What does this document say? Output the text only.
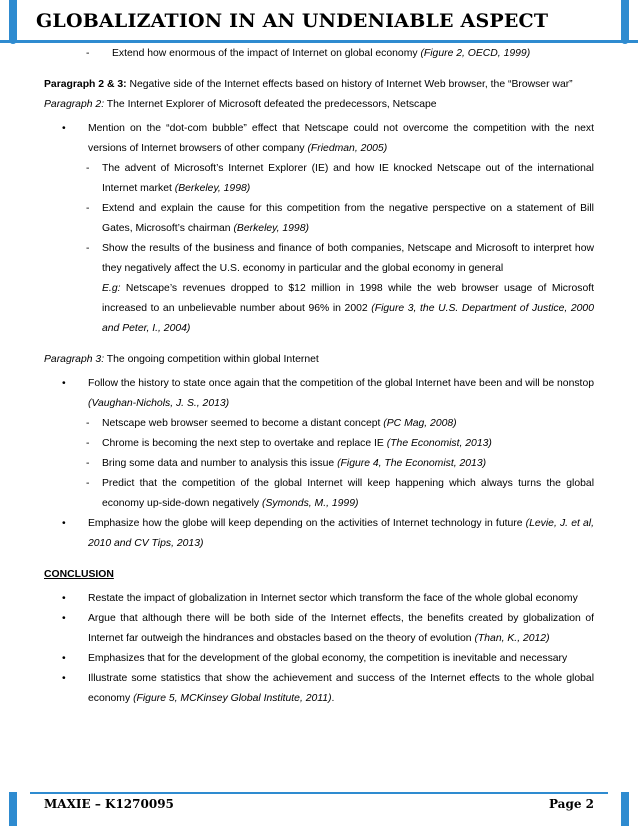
GLOBALIZATION IN AN UNDENIABLE ASPECT
-	Extend how enormous of the impact of Internet on global economy (Figure 2, OECD, 1999)

Paragraph 2 & 3: Negative side of the Internet effects based on history of Internet Web browser, the “Browser war”

Paragraph 2: The Internet Explorer of Microsoft defeated the predecessors, Netscape

•	Mention on the “dot-com bubble” effect that Netscape could not overcome the competition with the next versions of Internet browsers of other company (Friedman, 2005)
-	The advent of Microsoft’s Internet Explorer (IE) and how IE knocked Netscape out of the international Internet market (Berkeley, 1998)
-	Extend and explain the cause for this competition from the negative perspective on a statement of Bill Gates, Microsoft’s chairman (Berkeley, 1998)
-	Show the results of the business and finance of both companies, Netscape and Microsoft to interpret how they negatively affect the U.S. economy in particular and the global economy in general
E.g: Netscape’s revenues dropped to $12 million in 1998 while the web browser usage of Microsoft increased to an unbelievable number about 96% in 2002 (Figure 3, the U.S. Department of Justice, 2000 and Peter, I., 2004)

Paragraph 3: The ongoing competition within global Internet

•	Follow the history to state once again that the competition of the global Internet have been and will be nonstop (Vaughan-Nichols, J. S., 2013)
-	Netscape web browser seemed to become a distant concept (PC Mag, 2008)
-	Chrome is becoming the next step to overtake and replace IE (The Economist, 2013)
-	Bring some data and number to analysis this issue (Figure 4, The Economist, 2013)
-	Predict that the competition of the global Internet will keep happening which always turns the global economy up-side-down negatively (Symonds, M., 1999)
•	Emphasize how the globe will keep depending on the activities of Internet technology in future (Levie, J. et al, 2010 and CV Tips, 2013)

CONCLUSION

•	Restate the impact of globalization in Internet sector which transform the face of the whole global economy
•	Argue that although there will be both side of the Internet effects, the benefits created by globalization of Internet far outweigh the hindrances and obstacles based on the theory of evolution (Than, K., 2012)
•	Emphasizes that for the development of the global economy, the competition is inevitable and necessary
•	Illustrate some statistics that show the achievement and success of the Internet effects to the whole global economy (Figure 5, MCKinsey Global Institute, 2011).
MAXIE – K1270095	Page 2
